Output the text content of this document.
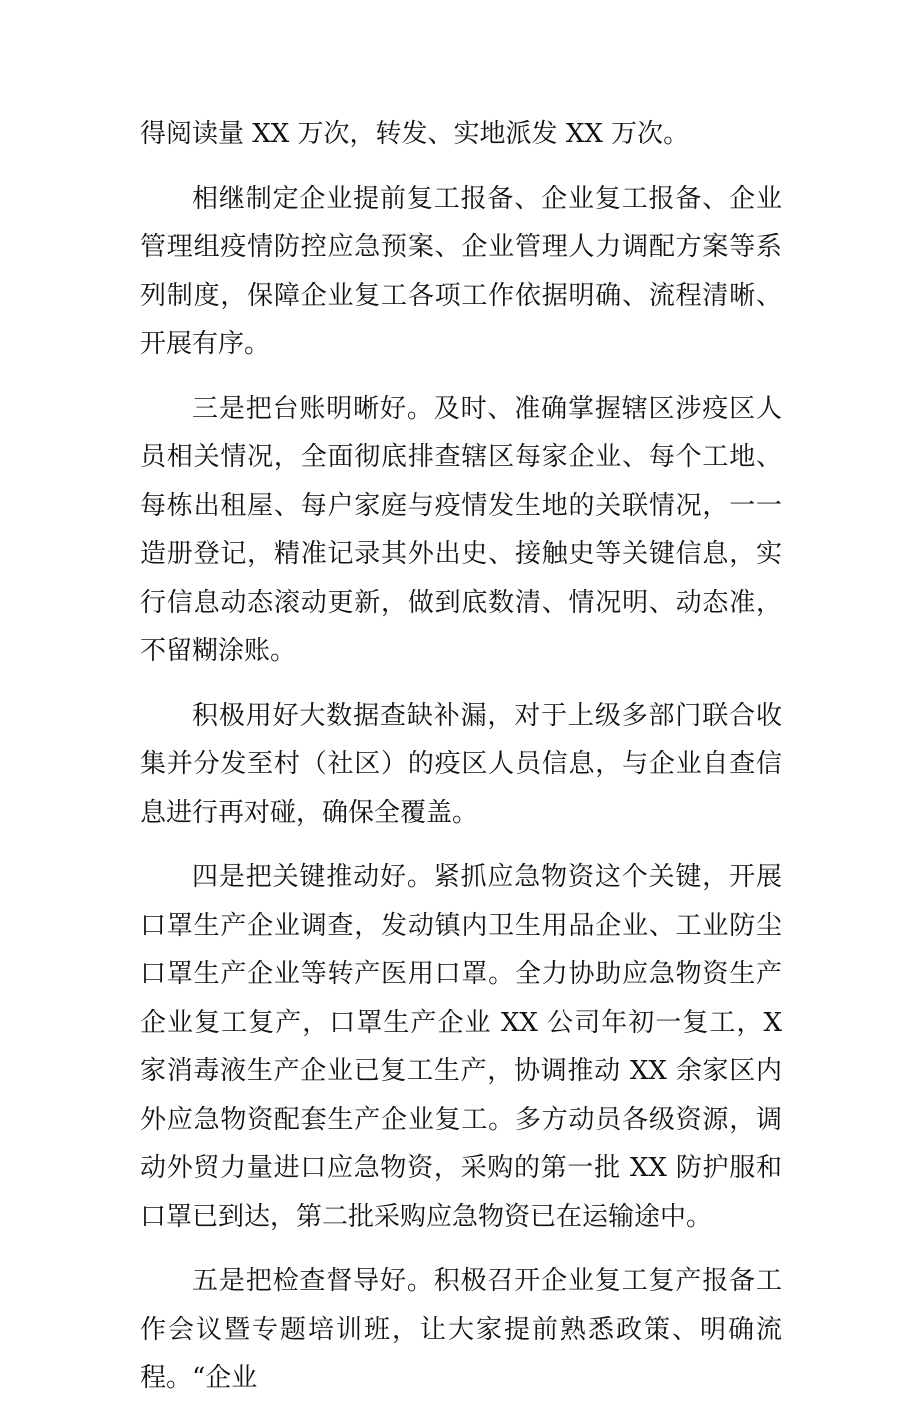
得阅读量 XX 万次，转发、实地派发 XX 万次。

相继制定企业提前复工报备、企业复工报备、企业管理组疫情防控应急预案、企业管理人力调配方案等系列制度，保障企业复工各项工作依据明确、流程清晰、开展有序。

三是把台账明晰好。及时、准确掌握辖区涉疫区人员相关情况，全面彻底排查辖区每家企业、每个工地、每栋出租屋、每户家庭与疫情发生地的关联情况，一一造册登记，精准记录其外出史、接触史等关键信息，实行信息动态滚动更新，做到底数清、情况明、动态准，不留糊涂账。

积极用好大数据查缺补漏，对于上级多部门联合收集并分发至村（社区）的疫区人员信息，与企业自查信息进行再对碰，确保全覆盖。

四是把关键推动好。紧抓应急物资这个关键，开展口罩生产企业调查，发动镇内卫生用品企业、工业防尘口罩生产企业等转产医用口罩。全力协助应急物资生产企业复工复产，口罩生产企业 XX 公司年初一复工，X 家消毒液生产企业已复工生产，协调推动 XX 余家区内外应急物资配套生产企业复工。多方动员各级资源，调动外贸力量进口应急物资，采购的第一批 XX 防护服和口罩已到达，第二批采购应急物资已在运输途中。

五是把检查督导好。积极召开企业复工复产报备工作会议暨专题培训班，让大家提前熟悉政策、明确流程。“企业
